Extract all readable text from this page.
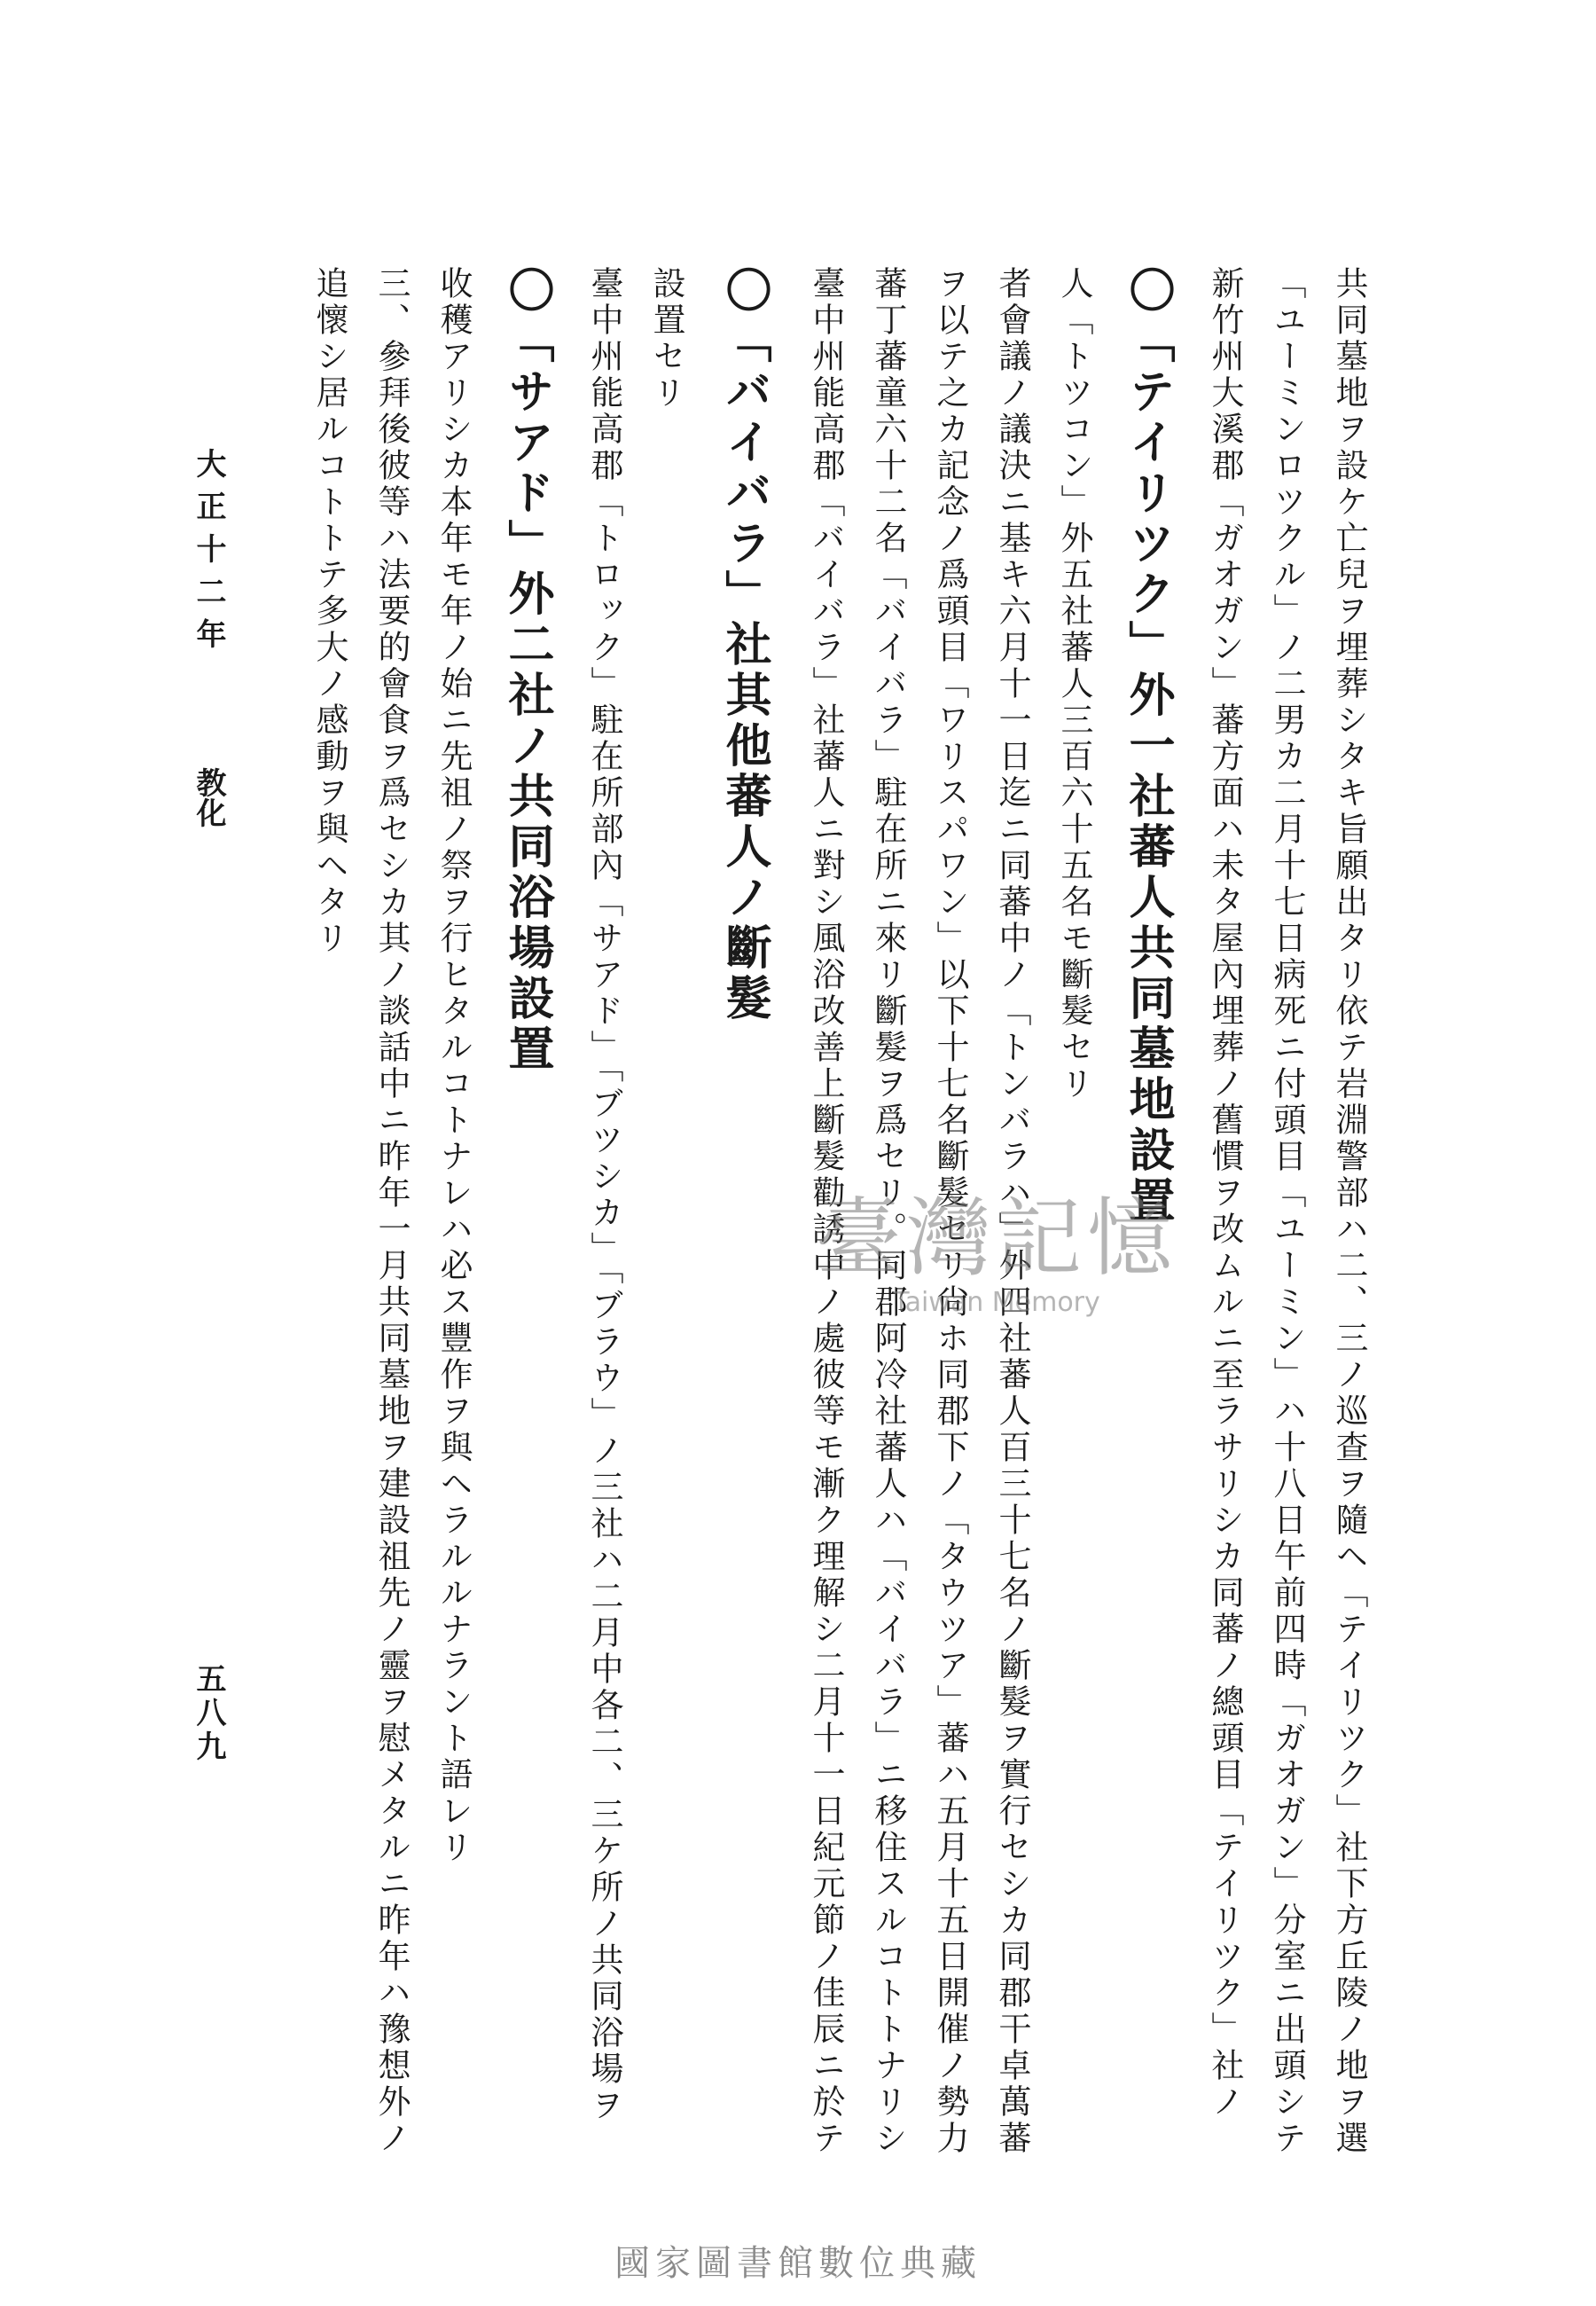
追懷シ居ルコトトテ多大ノ感動ヲ與ヘタリ 三、參拜後彼等ハ法要的會食ヲ爲セシカ其ノ談話中ニ昨年一月共同墓地ヲ建設祖先ノ靈ヲ慰メタルニ昨年ハ豫想外ノ 收穫アリシカ本年モ年ノ始ニ先祖ノ祭ヲ行ヒタルコトナレハ必ス豐作ヲ與ヘラルルナラント語レリ 〇「サアド」外二社ノ共同浴場設置 臺中州能高郡「トロック」駐在所部內「サアド」「ブツシカ」「ブラウ」ノ三社ハ二月中各二、三ケ所ノ共同浴場ヲ 設置セリ 〇「バイバラ」社其他蕃人ノ斷髮 臺中州能高郡「バイバラ」社蕃人ニ對シ風浴改善上斷髮勸誘中ノ處彼等モ漸ク理解シ二月十一日紀元節ノ佳辰ニ於テ 蕃丁蕃童六十二名「バイバラ」駐在所ニ來リ斷髮ヲ爲セリ。同郡阿冷社蕃人ハ「バイバラ」ニ移住スルコトトナリシ ヲ以テ之カ記念ノ爲頭目「ワリスパワン」以下十七名斷髮セリ尙ホ同郡下ノ「タウツア」蕃ハ五月十五日開催ノ勢力 者會議ノ議決ニ基キ六月十一日迄ニ同蕃中ノ「トンバラハ」外四社蕃人百三十七名ノ斷髮ヲ實行セシカ同郡干卓萬蕃 人「トツコン」外五社蕃人三百六十五名モ斷髮セリ 〇「テイリツク」外一社蕃人共同墓地設置 新竹州大溪郡「ガオガン」蕃方面ハ未タ屋內埋葬ノ舊慣ヲ改ムルニ至ラサリシカ同蕃ノ總頭目「テイリツク」社ノ 「ユーミンロツクル」ノ二男カ二月十七日病死ニ付頭目「ユーミン」ハ十八日午前四時「ガオガン」分室ニ出頭シテ 共同墓地ヲ設ケ亡兒ヲ埋葬シタキ旨願出タリ依テ岩淵警部ハ二、三ノ巡查ヲ隨ヘ「テイリツク」社下方丘陵ノ地ヲ選
大正十二年
教化
五八九
臺灣記憶
Taiwan Memory
國家圖書館數位典藏
